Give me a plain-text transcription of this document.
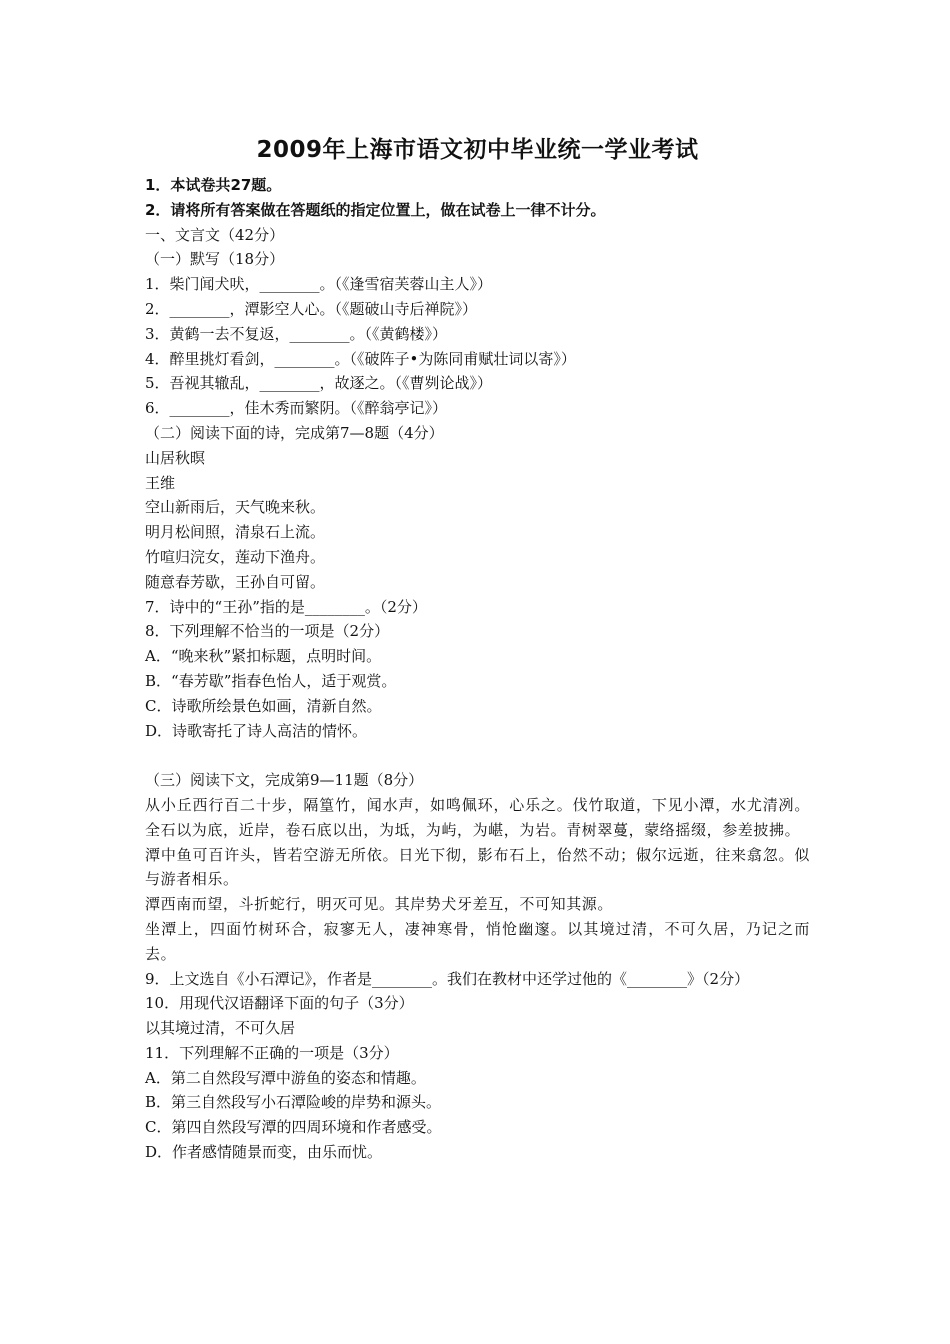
2009年上海市语文初中毕业统一学业考试
1．本试卷共27题。
2．请将所有答案做在答题纸的指定位置上，做在试卷上一律不计分。
一、文言文（42分）
（一）默写（18分）
1．柴门闻犬吠，________。（《逢雪宿芙蓉山主人》）
2．________，潭影空人心。（《题破山寺后禅院》）
3．黄鹤一去不复返，________。（《黄鹤楼》）
4．醉里挑灯看剑，________。（《破阵子•为陈同甫赋壮词以寄》）
5．吾视其辙乱，________，故逐之。（《曹刿论战》）
6．________，佳木秀而繁阴。（《醉翁亭记》）
（二）阅读下面的诗，完成第7—8题（4分）
山居秋暝
王维
空山新雨后，天气晚来秋。
明月松间照，清泉石上流。
竹喧归浣女，莲动下渔舟。
随意春芳歇，王孙自可留。
7．诗中的“王孙”指的是________。（2分）
8．下列理解不恰当的一项是（2分）
A．“晚来秋”紧扣标题，点明时间。
B．“春芳歇”指春色怡人，适于观赏。
C．诗歌所绘景色如画，清新自然。
D．诗歌寄托了诗人高洁的情怀。
（三）阅读下文，完成第9—11题（8分）
从小丘西行百二十步，隔篁竹，闻水声，如鸣佩环，心乐之。伐竹取道，下见小潭，水尤清冽。全石以为底，近岸，卷石底以出，为坻，为屿，为嵁，为岩。青树翠蔓，蒙络摇缀，参差披拂。
潭中鱼可百许头，皆若空游无所依。日光下彻，影布石上，佁然不动；俶尔远逝，往来翕忽。似与游者相乐。
潭西南而望，斗折蛇行，明灭可见。其岸势犬牙差互，不可知其源。
坐潭上，四面竹树环合，寂寥无人，凄神寒骨，悄怆幽邃。以其境过清，不可久居，乃记之而去。
9．上文选自《小石潭记》，作者是________。我们在教材中还学过他的《________》（2分）
10．用现代汉语翻译下面的句子（3分）
以其境过清，不可久居
11．下列理解不正确的一项是（3分）
A．第二自然段写潭中游鱼的姿态和情趣。
B．第三自然段写小石潭险峻的岸势和源头。
C．第四自然段写潭的四周环境和作者感受。
D．作者感情随景而变，由乐而忧。
